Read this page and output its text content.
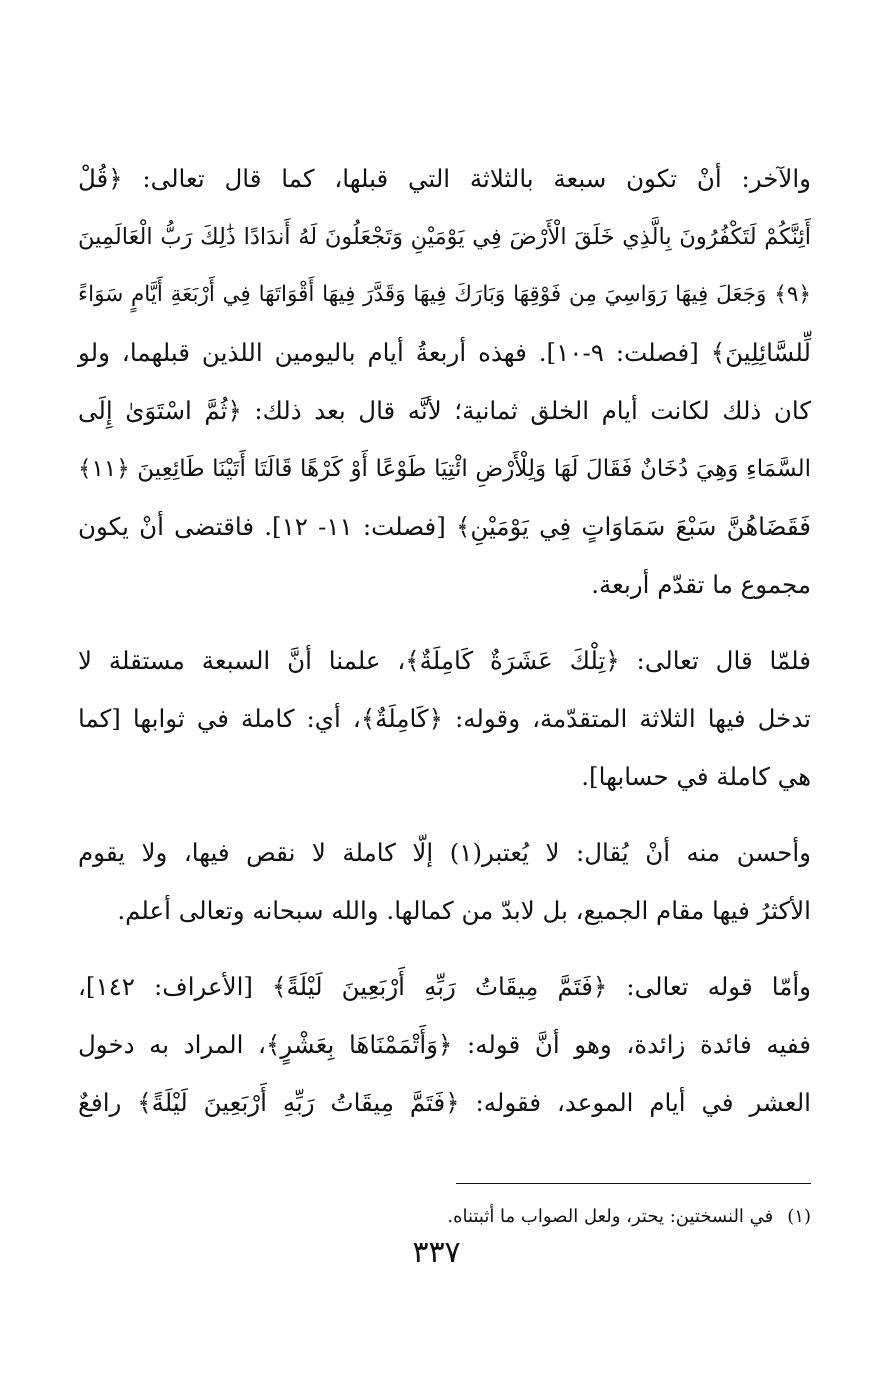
والآخر: أنْ تكون سبعة بالثلاثة التي قبلها، كما قال تعالى: ﴿قُلْ
أَئِنَّكُمْ لَتَكْفُرُونَ بِالَّذِي خَلَقَ الْأَرْضَ فِي يَوْمَيْنِ وَتَجْعَلُونَ لَهُ أَندَادًا ذَٰلِكَ رَبُّ الْعَالَمِينَ
﴿٩﴾ وَجَعَلَ فِيهَا رَوَاسِيَ مِن فَوْقِهَا وَبَارَكَ فِيهَا وَقَدَّرَ فِيهَا أَقْوَاتَهَا فِي أَرْبَعَةِ أَيَّامٍ سَوَاءً
لِّلسَّائِلِينَ﴾ [فصلت: ٩-١٠]. فهذه أربعةُ أيام باليومين اللذين قبلهما، ولو
كان ذلك لكانت أيام الخلق ثمانية؛ لأنَّه قال بعد ذلك: ﴿ثُمَّ اسْتَوَىٰ إِلَى
السَّمَاءِ وَهِيَ دُخَانٌ فَقَالَ لَهَا وَلِلْأَرْضِ ائْتِيَا طَوْعًا أَوْ كَرْهًا قَالَتَا أَتَيْنَا طَائِعِينَ ﴿١١﴾
فَقَضَاهُنَّ سَبْعَ سَمَاوَاتٍ فِي يَوْمَيْنِ﴾ [فصلت: ١١- ١٢]. فاقتضى أنْ يكون
مجموع ما تقدّم أربعة.

فلمّا قال تعالى: ﴿تِلْكَ عَشَرَةٌ كَامِلَةٌ﴾، علمنا أنَّ السبعة مستقلة لا
تدخل فيها الثلاثة المتقدّمة، وقوله: ﴿كَامِلَةٌ﴾، أي: كاملة في ثوابها [كما
هي كاملة في حسابها].

وأحسن منه أنْ يُقال: لا يُعتبر(١) إلّا كاملة لا نقص فيها، ولا يقوم
الأكثرُ فيها مقام الجميع، بل لابدّ من كمالها. والله سبحانه وتعالى أعلم.

وأمّا قوله تعالى: ﴿فَتَمَّ مِيقَاتُ رَبِّهِ أَرْبَعِينَ لَيْلَةً﴾ [الأعراف: ١٤٢]،
ففيه فائدة زائدة، وهو أنَّ قوله: ﴿وَأَتْمَمْنَاهَا بِعَشْرٍ﴾، المراد به دخول
العشر في أيام الموعد، فقوله: ﴿فَتَمَّ مِيقَاتُ رَبِّهِ أَرْبَعِينَ لَيْلَةً﴾ رافعٌ

(١)في النسختين: يحتر، ولعل الصواب ما أثبتناه.
٣٣٧
